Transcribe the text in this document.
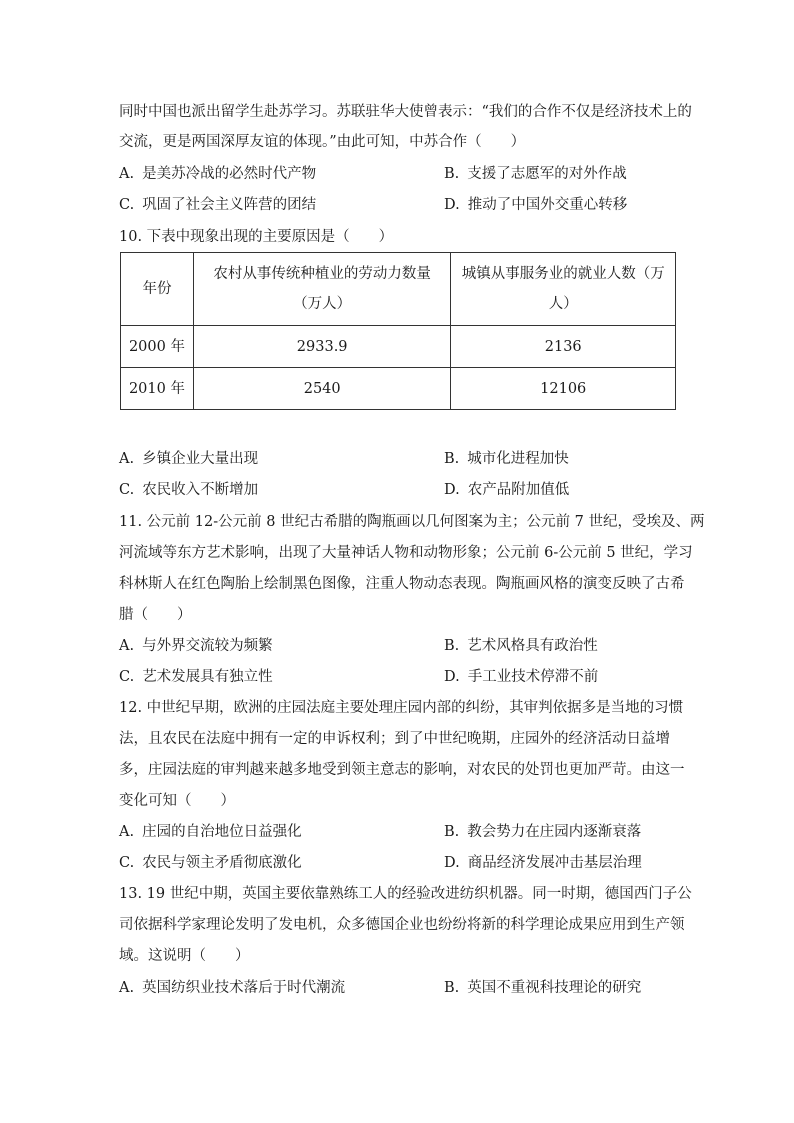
同时中国也派出留学生赴苏学习。苏联驻华大使曾表示：“我们的合作不仅是经济技术上的
交流，更是两国深厚友谊的体现。”由此可知，中苏合作（　　）
A. 是美苏冷战的必然时代产物	B. 支援了志愿军的对外作战
C. 巩固了社会主义阵营的团结	D. 推动了中国外交重心转移
10. 下表中现象出现的主要原因是（　　）
年份	农村从事传统种植业的劳动力数量（万人）	城镇从事服务业的就业人数（万人）
2000 年	2933.9	2136
2010 年	2540	12106
A. 乡镇企业大量出现	B. 城市化进程加快
C. 农民收入不断增加	D. 农产品附加值低
11. 公元前 12-公元前 8 世纪古希腊的陶瓶画以几何图案为主；公元前 7 世纪，受埃及、两
河流域等东方艺术影响，出现了大量神话人物和动物形象；公元前 6-公元前 5 世纪，学习
科林斯人在红色陶胎上绘制黑色图像，注重人物动态表现。陶瓶画风格的演变反映了古希
腊（　　）
A. 与外界交流较为频繁	B. 艺术风格具有政治性
C. 艺术发展具有独立性	D. 手工业技术停滞不前
12. 中世纪早期，欧洲的庄园法庭主要处理庄园内部的纠纷，其审判依据多是当地的习惯
法，且农民在法庭中拥有一定的申诉权利；到了中世纪晚期，庄园外的经济活动日益增
多，庄园法庭的审判越来越多地受到领主意志的影响，对农民的处罚也更加严苛。由这一
变化可知（　　）
A. 庄园的自治地位日益强化	B. 教会势力在庄园内逐渐衰落
C. 农民与领主矛盾彻底激化	D. 商品经济发展冲击基层治理
13. 19 世纪中期，英国主要依靠熟练工人的经验改进纺织机器。同一时期，德国西门子公
司依据科学家理论发明了发电机，众多德国企业也纷纷将新的科学理论成果应用到生产领
域。这说明（　　）
A. 英国纺织业技术落后于时代潮流	B. 英国不重视科技理论的研究
